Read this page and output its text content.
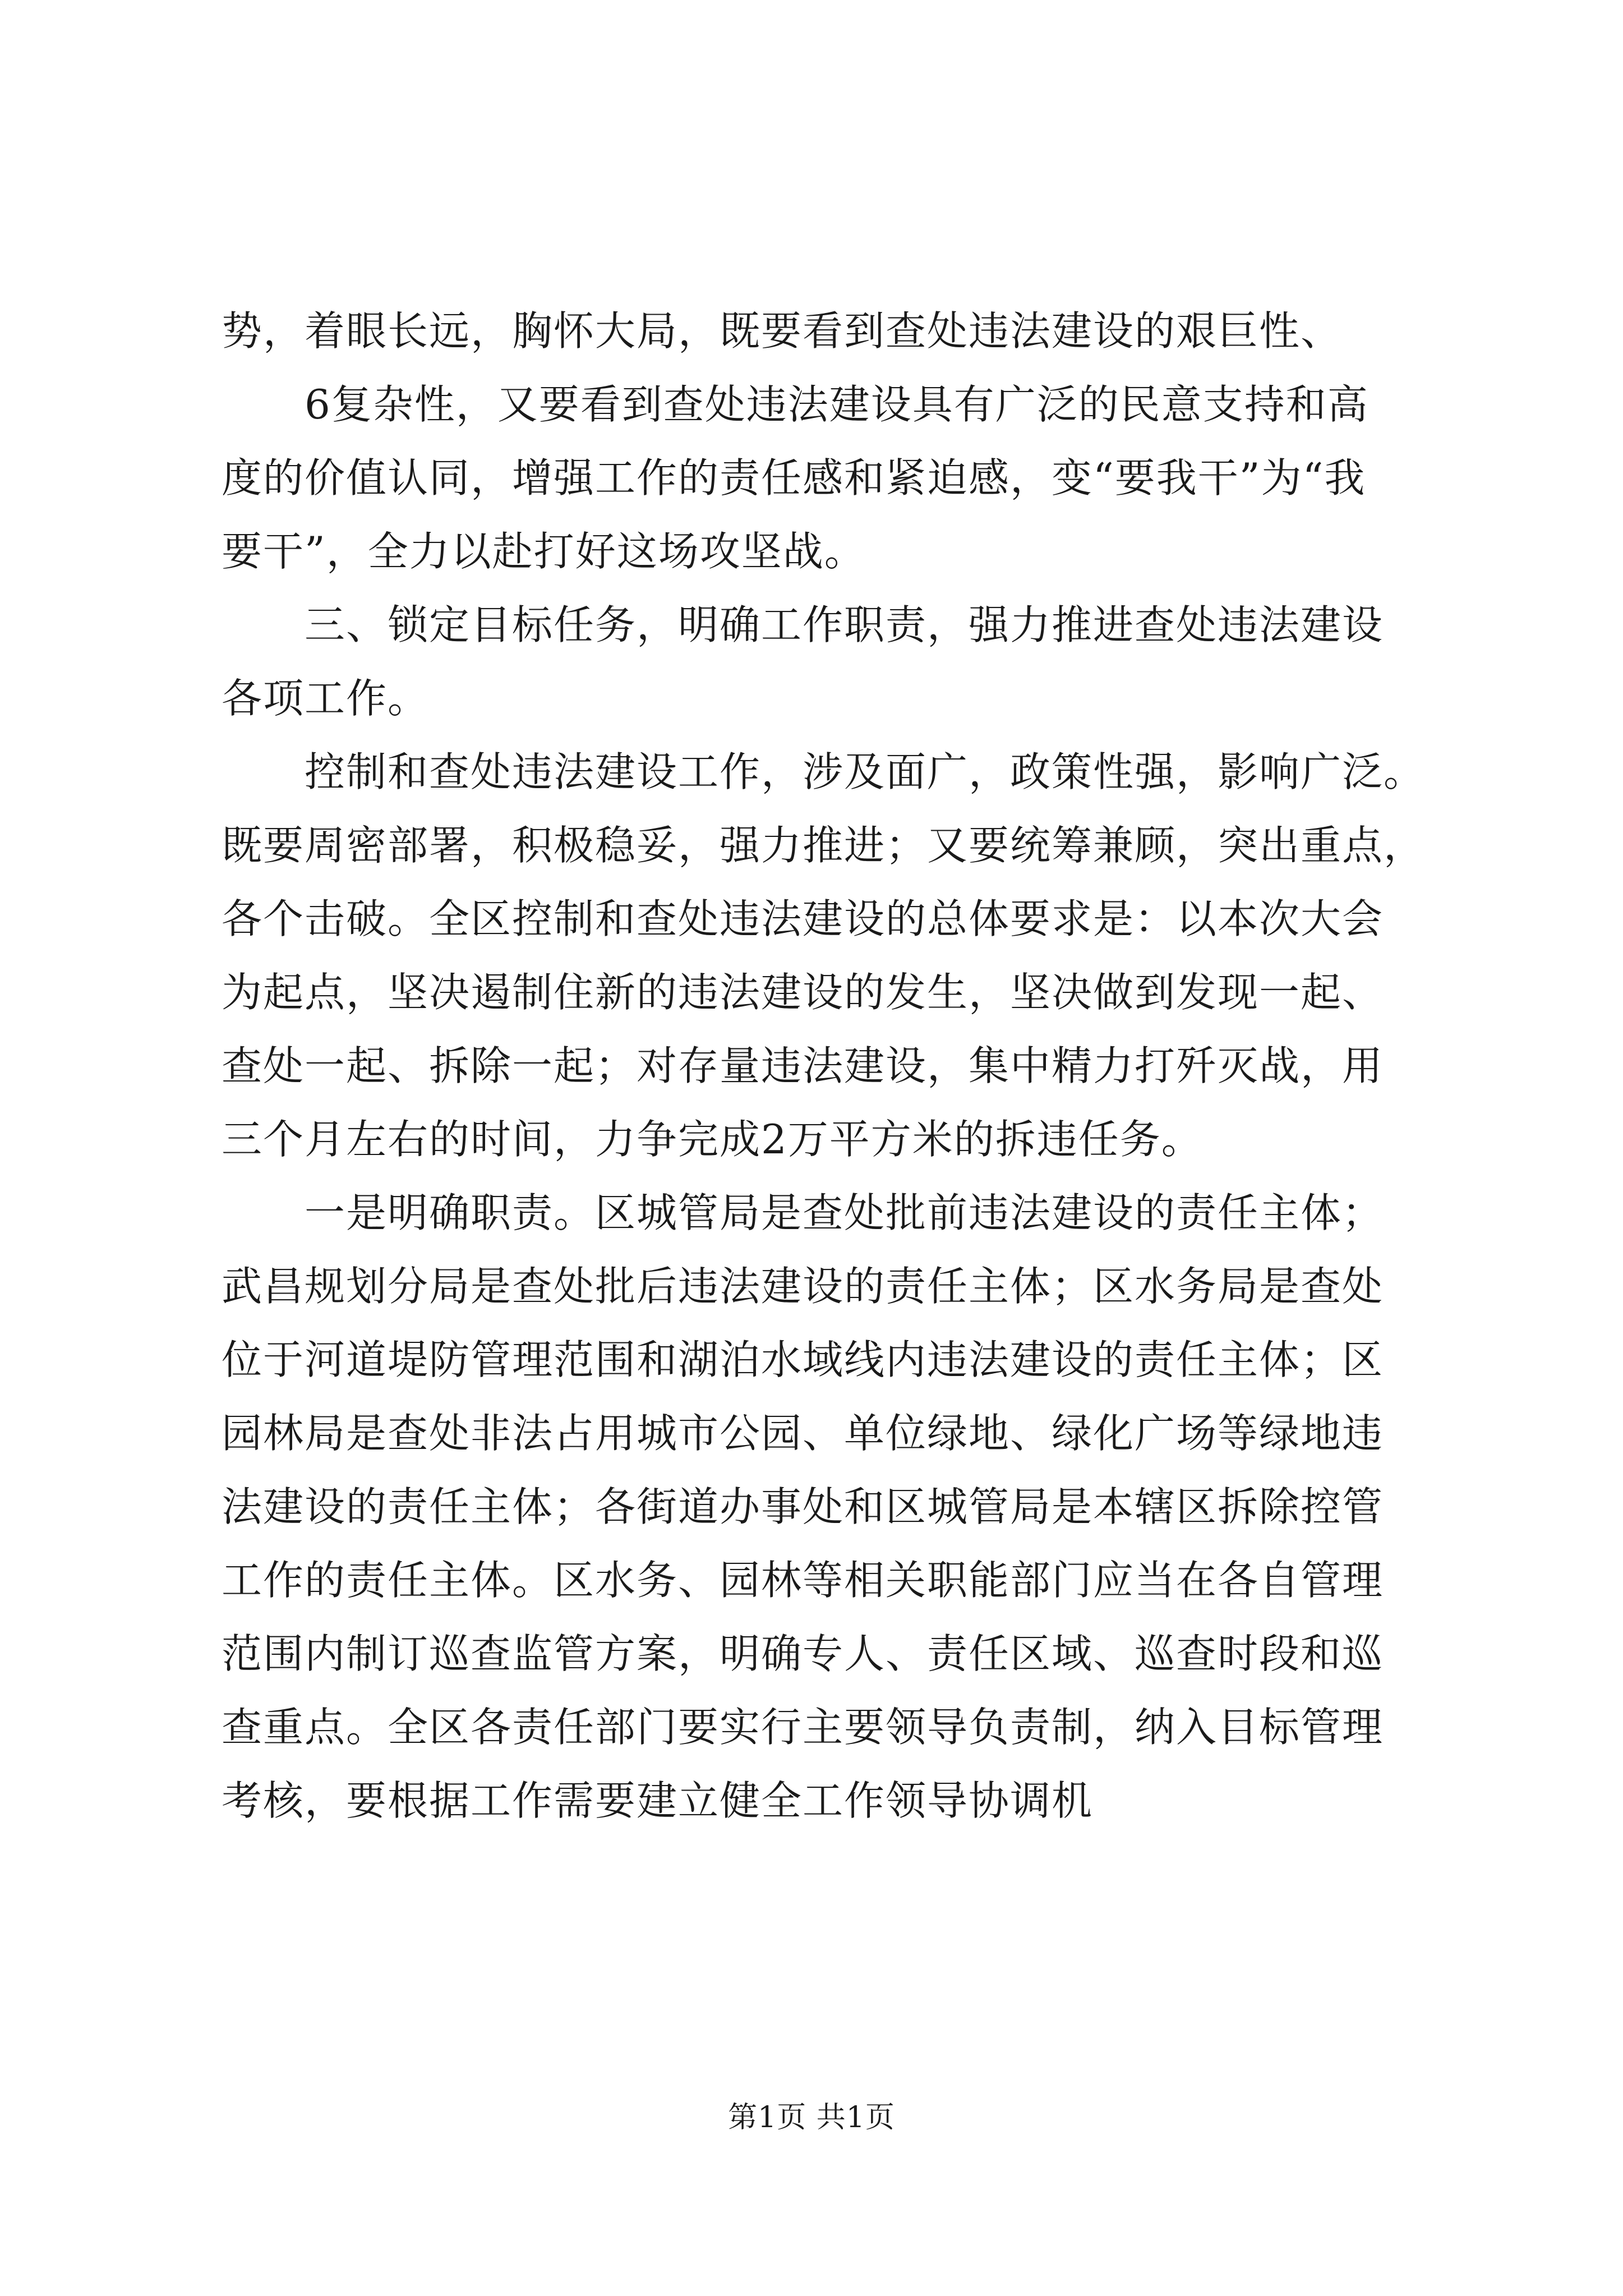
势，着眼长远，胸怀大局，既要看到查处违法建设的艰巨性、

　　6复杂性，又要看到查处违法建设具有广泛的民意支持和高

度的价值认同，增强工作的责任感和紧迫感，变“要我干”为“我

要干”，全力以赴打好这场攻坚战。

　　三、锁定目标任务，明确工作职责，强力推进查处违法建设

各项工作。

　　控制和查处违法建设工作，涉及面广，政策性强，影响广泛。

既要周密部署，积极稳妥，强力推进；又要统筹兼顾，突出重点，

各个击破。全区控制和查处违法建设的总体要求是：以本次大会

为起点，坚决遏制住新的违法建设的发生，坚决做到发现一起、

查处一起、拆除一起；对存量违法建设，集中精力打歼灭战，用

三个月左右的时间，力争完成2万平方米的拆违任务。

　　一是明确职责。区城管局是查处批前违法建设的责任主体；

武昌规划分局是查处批后违法建设的责任主体；区水务局是查处

位于河道堤防管理范围和湖泊水域线内违法建设的责任主体；区

园林局是查处非法占用城市公园、单位绿地、绿化广场等绿地违

法建设的责任主体；各街道办事处和区城管局是本辖区拆除控管

工作的责任主体。区水务、园林等相关职能部门应当在各自管理

范围内制订巡查监管方案，明确专人、责任区域、巡查时段和巡

查重点。全区各责任部门要实行主要领导负责制，纳入目标管理

考核，要根据工作需要建立健全工作领导协调机

第1页 共1页
